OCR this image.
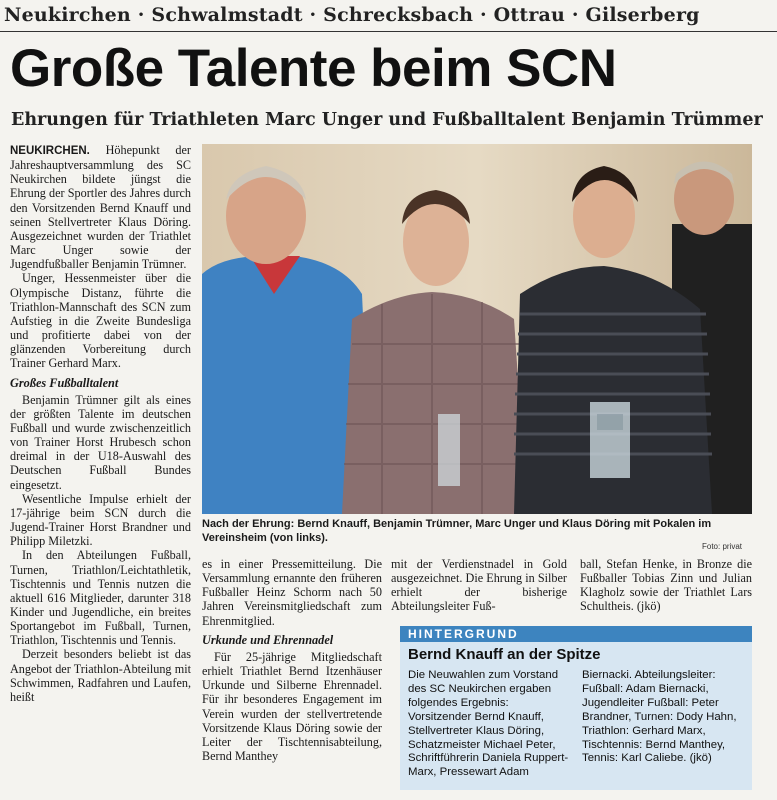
Neukirchen · Schwalmstadt · Schrecksbach · Ottrau · Gilserberg
Große Talente beim SCN
Ehrungen für Triathleten Marc Unger und Fußballtalent Benjamin Trümmer

NEUKIRCHEN. Höhepunkt der Jahreshauptversammlung des SC Neukirchen bildete jüngst die Ehrung der Sportler des Jahres durch den Vorsitzenden Bernd Knauff und seinen Stellvertreter Klaus Döring. Ausgezeichnet wurden der Triathlet Marc Unger sowie der Jugendfußballer Benjamin Trümner.

Unger, Hessenmeister über die Olympische Distanz, führte die Triathlon-Mannschaft des SCN zum Aufstieg in die Zweite Bundesliga und profitierte dabei von der glänzenden Vorbereitung durch Trainer Gerhard Marx.

Großes Fußballtalent

Benjamin Trümner gilt als eines der größten Talente im deutschen Fußball und wurde zwischenzeitlich von Trainer Horst Hrubesch schon dreimal in der U18-Auswahl des Deutschen Fußball Bundes eingesetzt.

Wesentliche Impulse erhielt der 17-jährige beim SCN durch die Jugend-Trainer Horst Brandner und Philipp Miletzki.

In den Abteilungen Fußball, Turnen, Triathlon/Leichtathletik, Tischtennis und Tennis nutzen die aktuell 616 Mitglieder, darunter 318 Kinder und Jugendliche, ein breites Sportangebot im Fußball, Turnen, Triathlon, Tischtennis und Tennis.

Derzeit besonders beliebt ist das Angebot der Triathlon-Abteilung mit Schwimmen, Radfahren und Laufen, heißt

Nach der Ehrung: Bernd Knauff, Benjamin Trümner, Marc Unger und Klaus Döring mit Pokalen im Vereinsheim (von links).
Foto: privat

es in einer Pressemitteilung. Die Versammlung ernannte den früheren Fußballer Heinz Schorm nach 50 Jahren Vereinsmitgliedschaft zum Ehrenmitglied.

Urkunde und Ehrennadel

Für 25-jährige Mitgliedschaft erhielt Triathlet Bernd Itzenhäuser Urkunde und Silberne Ehrennadel. Für ihr besonderes Engagement im Verein wurden der stellvertretende Vorsitzende Klaus Döring sowie der Leiter der Tischtennisabteilung, Bernd Manthey

mit der Verdienstnadel in Gold ausgezeichnet. Die Ehrung in Silber erhielt der bisherige Abteilungsleiter Fuß-

ball, Stefan Henke, in Bronze die Fußballer Tobias Zinn und Julian Klagholz sowie der Triathlet Lars Schultheis. (jkö)

HINTERGRUND
Bernd Knauff an der Spitze
Die Neuwahlen zum Vorstand des SC Neukirchen ergaben folgendes Ergebnis: Vorsitzender Bernd Knauff, Stellvertreter Klaus Döring, Schatzmeister Michael Peter, Schriftführerin Daniela Ruppert-Marx, Pressewart Adam
Biernacki. Abteilungsleiter: Fußball: Adam Biernacki, Jugendleiter Fußball: Peter Brandner, Turnen: Dody Hahn, Triathlon: Gerhard Marx, Tischtennis: Bernd Manthey, Tennis: Karl Caliebe. (jkö)
